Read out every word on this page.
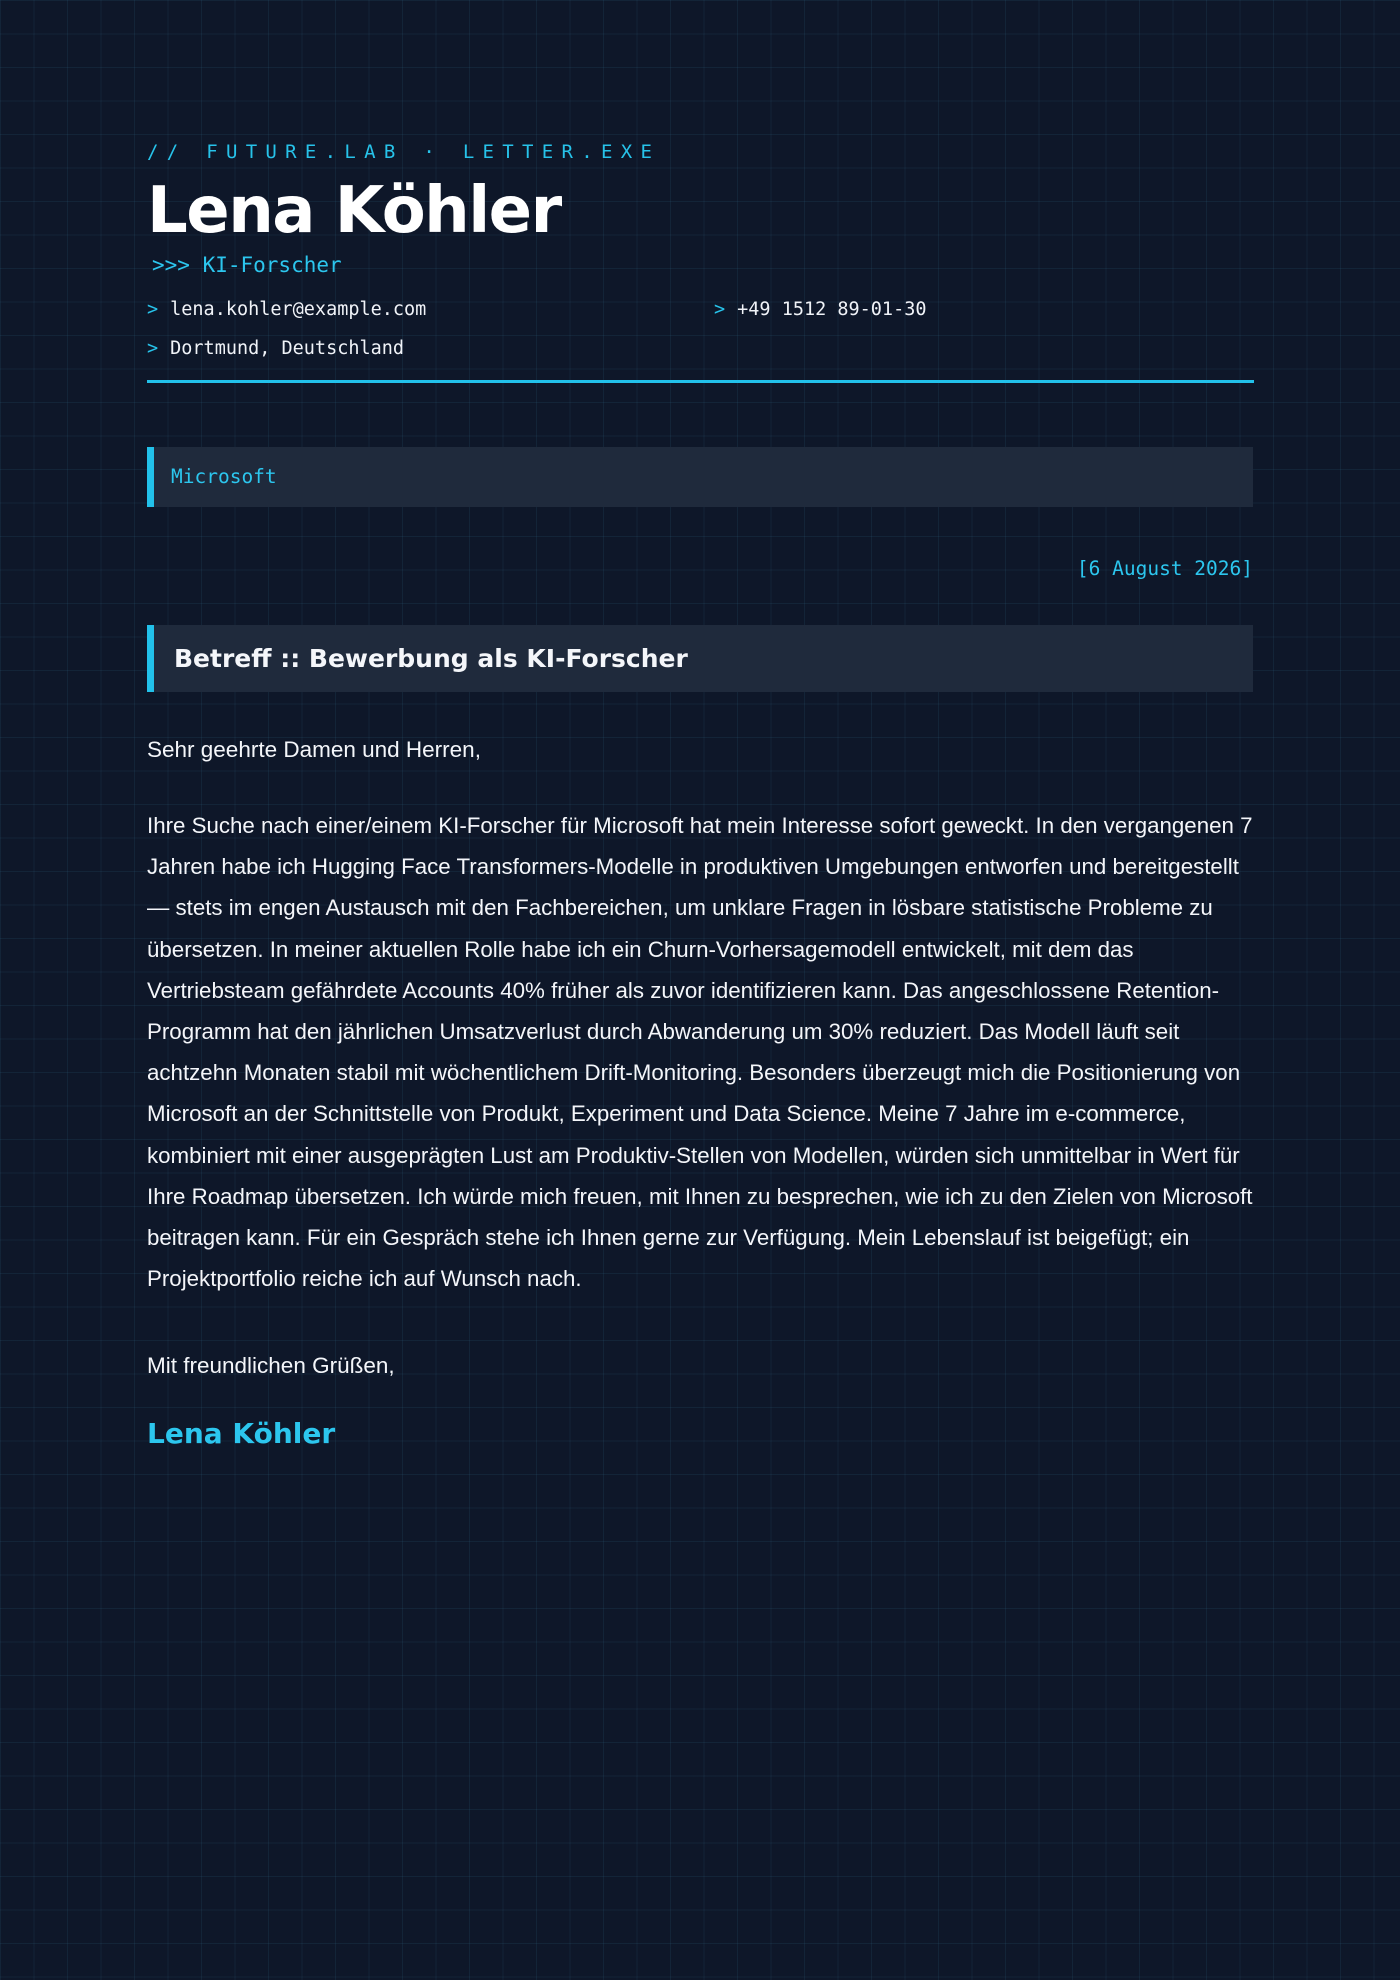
// FUTURE.LAB · LETTER.EXE
Lena Köhler
>>> KI-Forscher
> lena.kohler@example.com	> +49 1512 89-01-30
> Dortmund, Deutschland
Microsoft
[6 August 2026]
Betreff :: Bewerbung als KI-Forscher

Sehr geehrte Damen und Herren,

Ihre Suche nach einer/einem KI-Forscher für Microsoft hat mein Interesse sofort geweckt. In den vergangenen 7 Jahren habe ich Hugging Face Transformers-Modelle in produktiven Umgebungen entworfen und bereitgestellt — stets im engen Austausch mit den Fachbereichen, um unklare Fragen in lösbare statistische Probleme zu übersetzen. In meiner aktuellen Rolle habe ich ein Churn-Vorhersagemodell entwickelt, mit dem das Vertriebsteam gefährdete Accounts 40% früher als zuvor identifizieren kann. Das angeschlossene Retention-Programm hat den jährlichen Umsatzverlust durch Abwanderung um 30% reduziert. Das Modell läuft seit achtzehn Monaten stabil mit wöchentlichem Drift-Monitoring. Besonders überzeugt mich die Positionierung von Microsoft an der Schnittstelle von Produkt, Experiment und Data Science. Meine 7 Jahre im e-commerce, kombiniert mit einer ausgeprägten Lust am Produktiv-Stellen von Modellen, würden sich unmittelbar in Wert für Ihre Roadmap übersetzen. Ich würde mich freuen, mit Ihnen zu besprechen, wie ich zu den Zielen von Microsoft beitragen kann. Für ein Gespräch stehe ich Ihnen gerne zur Verfügung. Mein Lebenslauf ist beigefügt; ein Projektportfolio reiche ich auf Wunsch nach.

Mit freundlichen Grüßen,

Lena Köhler
